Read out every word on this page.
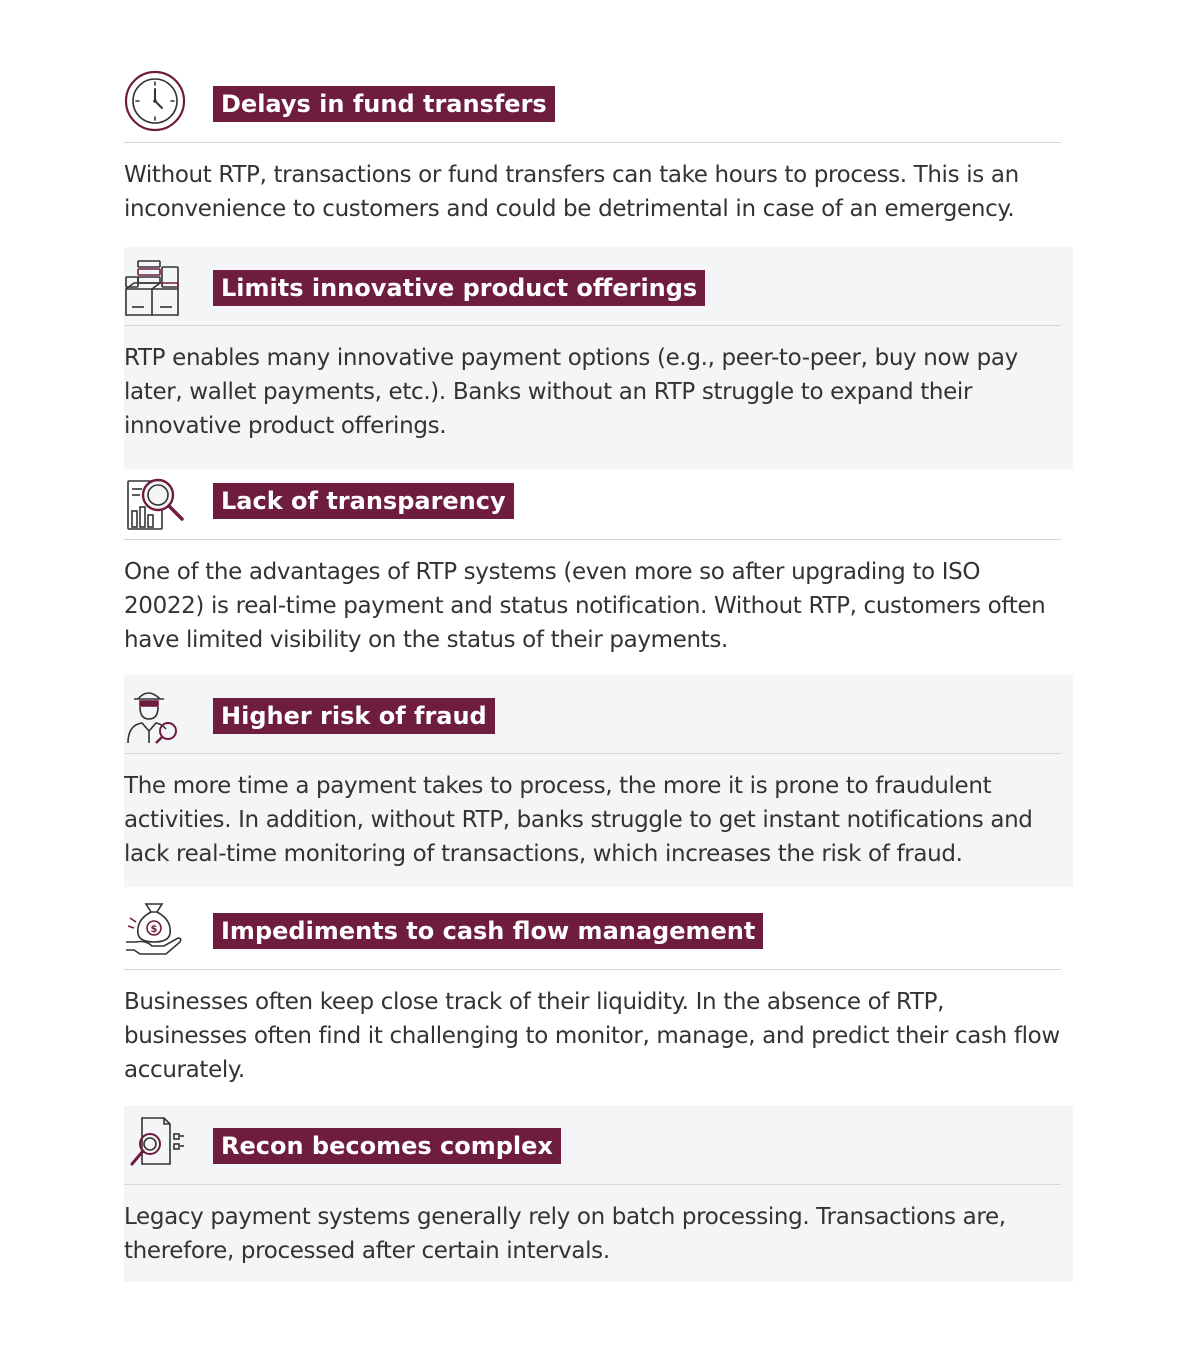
Delays in fund transfers
Without RTP, transactions or fund transfers can take hours to process. This is an inconvenience to customers and could be detrimental in case of an emergency.
Limits innovative product offerings
RTP enables many innovative payment options (e.g., peer-to-peer, buy now pay later, wallet payments, etc.). Banks without an RTP struggle to expand their innovative product offerings.
Lack of transparency
One of the advantages of RTP systems (even more so after upgrading to ISO 20022) is real-time payment and status notification. Without RTP, customers often have limited visibility on the status of their payments.
Higher risk of fraud
The more time a payment takes to process, the more it is prone to fraudulent activities. In addition, without RTP, banks struggle to get instant notifications and lack real-time monitoring of transactions, which increases the risk of fraud.
$	Impediments to cash flow management
Businesses often keep close track of their liquidity. In the absence of RTP, businesses often find it challenging to monitor, manage, and predict their cash flow accurately.
Recon becomes complex
Legacy payment systems generally rely on batch processing. Transactions are, therefore, processed after certain intervals.
